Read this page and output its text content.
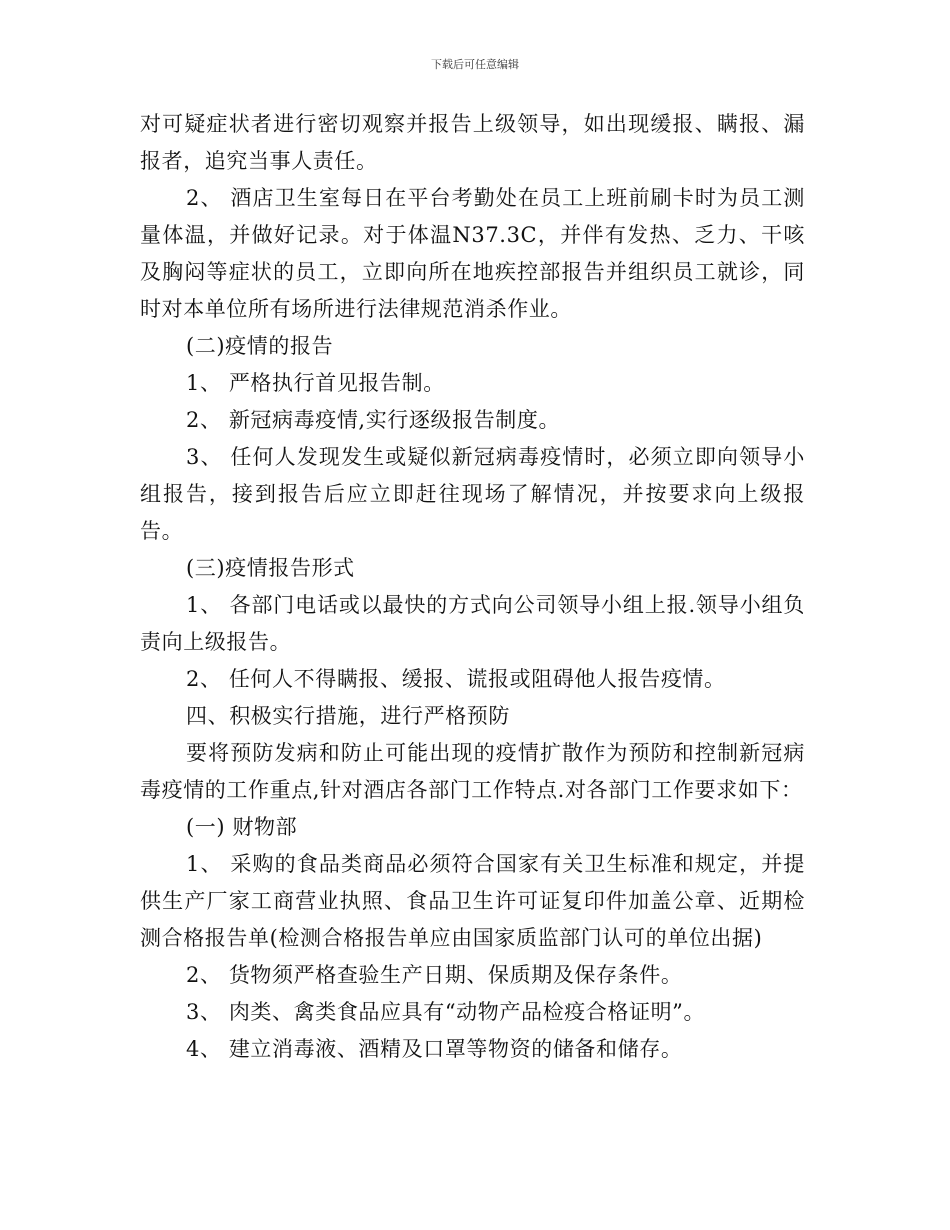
下载后可任意编辑

对可疑症状者进行密切观察并报告上级领导，如出现缓报、瞒报、漏报者，追究当事人责任。

2、 酒店卫生室每日在平台考勤处在员工上班前刷卡时为员工测量体温，并做好记录。对于体温N37.3C，并伴有发热、乏力、干咳及胸闷等症状的员工，立即向所在地疾控部报告并组织员工就诊，同时对本单位所有场所进行法律规范消杀作业。

(二)疫情的报告

1、 严格执行首见报告制。

2、 新冠病毒疫情,实行逐级报告制度。

3、 任何人发现发生或疑似新冠病毒疫情时，必须立即向领导小组报告，接到报告后应立即赶往现场了解情况，并按要求向上级报告。

(三)疫情报告形式

1、 各部门电话或以最快的方式向公司领导小组上报.领导小组负责向上级报告。

2、 任何人不得瞒报、缓报、谎报或阻碍他人报告疫情。

四、积极实行措施，进行严格预防

要将预防发病和防止可能出现的疫情扩散作为预防和控制新冠病毒疫情的工作重点,针对酒店各部门工作特点.对各部门工作要求如下：

(一) 财物部

1、 采购的食品类商品必须符合国家有关卫生标准和规定，并提供生产厂家工商营业执照、食品卫生许可证复印件加盖公章、近期检测合格报告单(检测合格报告单应由国家质监部门认可的单位出据)

2、 货物须严格查验生产日期、保质期及保存条件。

3、 肉类、禽类食品应具有“动物产品检疫合格证明”。

4、 建立消毒液、酒精及口罩等物资的储备和储存。
